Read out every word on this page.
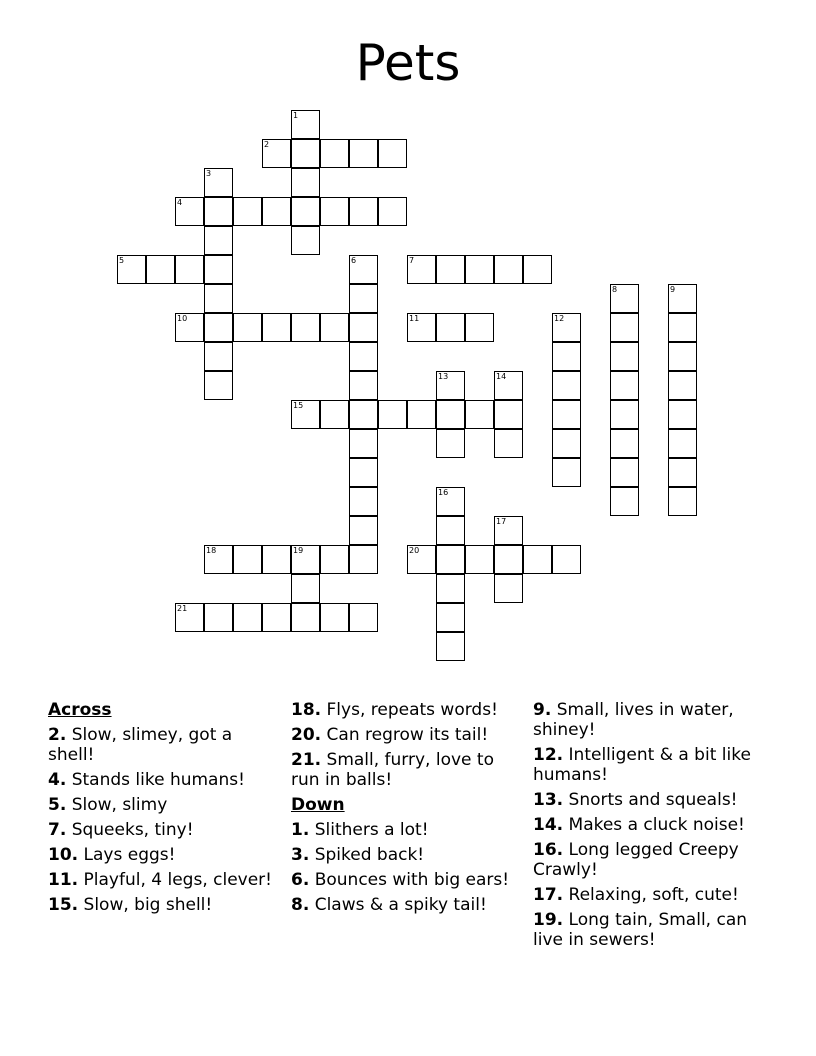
Pets
1
2
3
4
5	6	7
8	9
10	11	12
13	14
15
16
17
18	19	20
21
Across
2. Slow, slimey, got a shell!
4. Stands like humans!
5. Slow, slimy
7. Squeeks, tiny!
10. Lays eggs!
11. Playful, 4 legs, clever!
15. Slow, big shell!
18. Flys, repeats words!
20. Can regrow its tail!
21. Small, furry, love to run in balls!
Down
1. Slithers a lot!
3. Spiked back!
6. Bounces with big ears!
8. Claws & a spiky tail!
9. Small, lives in water, shiney!
12. Intelligent & a bit like humans!
13. Snorts and squeals!
14. Makes a cluck noise!
16. Long legged Creepy Crawly!
17. Relaxing, soft, cute!
19. Long tain, Small, can live in sewers!
